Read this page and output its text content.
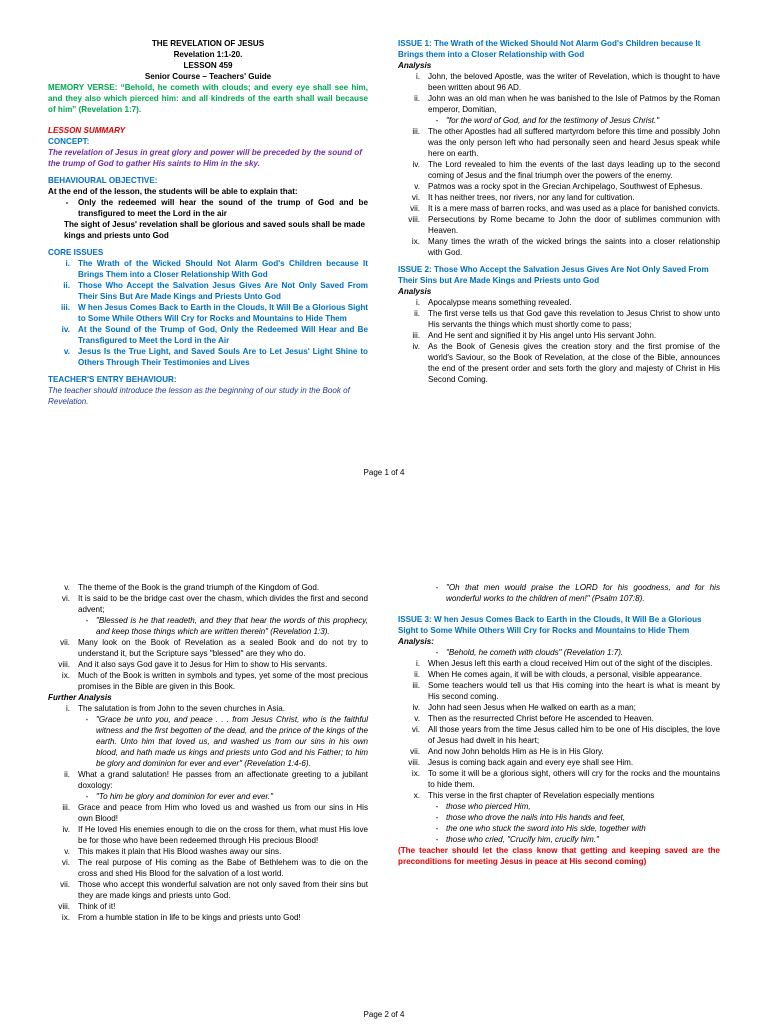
THE REVELATION OF JESUS
Revelation 1:1-20.
LESSON 459
Senior Course – Teachers' Guide
MEMORY VERSE: “Behold, he cometh with clouds; and every eye shall see him, and they also which pierced him: and all kindreds of the earth shall wail because of him” (Revelation 1:7).
LESSON SUMMARY
CONCEPT:
The revelation of Jesus in great glory and power will be preceded by the sound of the trump of God to gather His saints to Him in the sky.
BEHAVIOURAL OBJECTIVE:
At the end of the lesson, the students will be able to explain that:
-	Only the redeemed will hear the sound of the trump of God and be transfigured to meet the Lord in the air
The sight of Jesus' revelation shall be glorious and saved souls shall be made kings and priests unto God
CORE ISSUES
i. The Wrath of the Wicked Should Not Alarm God's Children because It Brings Them into a Closer Relationship With God
ii. Those Who Accept the Salvation Jesus Gives Are Not Only Saved From Their Sins But Are Made Kings and Priests Unto God
iii. W hen Jesus Comes Back to Earth in the Clouds, It Will Be a Glorious Sight to Some While Others Will Cry for Rocks and Mountains to Hide Them
iv. At the Sound of the Trump of God, Only the Redeemed Will Hear and Be Transfigured to Meet the Lord in the Air
v. Jesus Is the True Light, and Saved Souls Are to Let Jesus' Light Shine to Others Through Their Testimonies and Lives
TEACHER'S ENTRY BEHAVIOUR:
The teacher should introduce the lesson as the beginning of our study in the Book of Revelation.
ISSUE 1: The Wrath of the Wicked Should Not Alarm God's Children because It Brings them into a Closer Relationship with God
Analysis
i. John, the beloved Apostle, was the writer of Revelation, which is thought to have been written about 96 AD.
ii. John was an old man when he was banished to the Isle of Patmos by the Roman emperor, Domitian,
- "for the word of God, and for the testimony of Jesus Christ."
iii. The other Apostles had all suffered martyrdom before this time and possibly John was the only person left who had personally seen and heard Jesus speak while here on earth.
iv. The Lord revealed to him the events of the last days leading up to the second coming of Jesus and the final triumph over the powers of the enemy.
v. Patmos was a rocky spot in the Grecian Archipelago, Southwest of Ephesus.
vi. It has neither trees, nor rivers, nor any land for cultivation.
vii. It is a mere mass of barren rocks, and was used as a place for banished convicts.
viii. Persecutions by Rome became to John the door of sublimes communion with Heaven.
ix. Many times the wrath of the wicked brings the saints into a closer relationship with God.
ISSUE 2: Those Who Accept the Salvation Jesus Gives Are Not Only Saved From Their Sins but Are Made Kings and Priests unto God
Analysis
i. Apocalypse means something revealed.
ii. The first verse tells us that God gave this revelation to Jesus Christ to show unto His servants the things which must shortly come to pass;
iii. And He sent and signified it by His angel unto His servant John.
iv. As the Book of Genesis gives the creation story and the first promise of the world's Saviour, so the Book of Revelation, at the close of the Bible, announces the end of the present order and sets forth the glory and majesty of Christ in His Second Coming.
Page 1 of 4
v. The theme of the Book is the grand triumph of the Kingdom of God.
vi. It is said to be the bridge cast over the chasm, which divides the first and second advent;
- "Blessed is he that readeth, and they that hear the words of this prophecy, and keep those things which are written therein" (Revelation 1:3).
vii. Many look on the Book of Revelation as a sealed Book and do not try to understand it, but the Scripture says "blessed" are they who do.
viii. And it also says God gave it to Jesus for Him to show to His servants.
ix. Much of the Book is written in symbols and types, yet some of the most precious promises in the Bible are given in this Book.
Further Analysis
i. The salutation is from John to the seven churches in Asia.
- "Grace be unto you, and peace . . . from Jesus Christ, who is the faithful witness and the first begotten of the dead, and the prince of the kings of the earth. Unto him that loved us, and washed us from our sins in his own blood, and hath made us kings and priests unto God and his Father; to him be glory and dominion for ever and ever" (Revelation 1:4-6).
ii. What a grand salutation! He passes from an affectionate greeting to a jubilant doxology:
- "To him be glory and dominion for ever and ever."
iii. Grace and peace from Him who loved us and washed us from our sins in His own Blood!
iv. If He loved His enemies enough to die on the cross for them, what must His love be for those who have been redeemed through His precious Blood!
v. This makes it plain that His Blood washes away our sins.
vi. The real purpose of His coming as the Babe of Bethlehem was to die on the cross and shed His Blood for the salvation of a lost world.
vii. Those who accept this wonderful salvation are not only saved from their sins but they are made kings and priests unto God.
viii. Think of it!
ix. From a humble station in life to be kings and priests unto God!
- "Oh that men would praise the LORD for his goodness, and for his wonderful works to the children of men!" (Psalm 107:8).
ISSUE 3: W hen Jesus Comes Back to Earth in the Clouds, It Will Be a Glorious Sight to Some While Others Will Cry for Rocks and Mountains to Hide Them
Analysis:
- "Behold, he cometh with clouds" (Revelation 1:7).
i. When Jesus left this earth a cloud received Him out of the sight of the disciples.
ii. When He comes again, it will be with clouds, a personal, visible appearance.
iii. Some teachers would tell us that His coming into the heart is what is meant by His second coming.
iv. John had seen Jesus when He walked on earth as a man;
v. Then as the resurrected Christ before He ascended to Heaven.
vi. All those years from the time Jesus called him to be one of His disciples, the love of Jesus had dwelt in his heart;
vii. And now John beholds Him as He is in His Glory.
viii. Jesus is coming back again and every eye shall see Him.
ix. To some it will be a glorious sight, others will cry for the rocks and the mountains to hide them.
x. This verse in the first chapter of Revelation especially mentions
- those who pierced Him,
- those who drove the nails into His hands and feet,
- the one who stuck the sword into His side, together with
- those who cried, "Crucify him, crucify him."
(The teacher should let the class know that getting and keeping saved are the preconditions for meeting Jesus in peace at His second coming)
Page 2 of 4
